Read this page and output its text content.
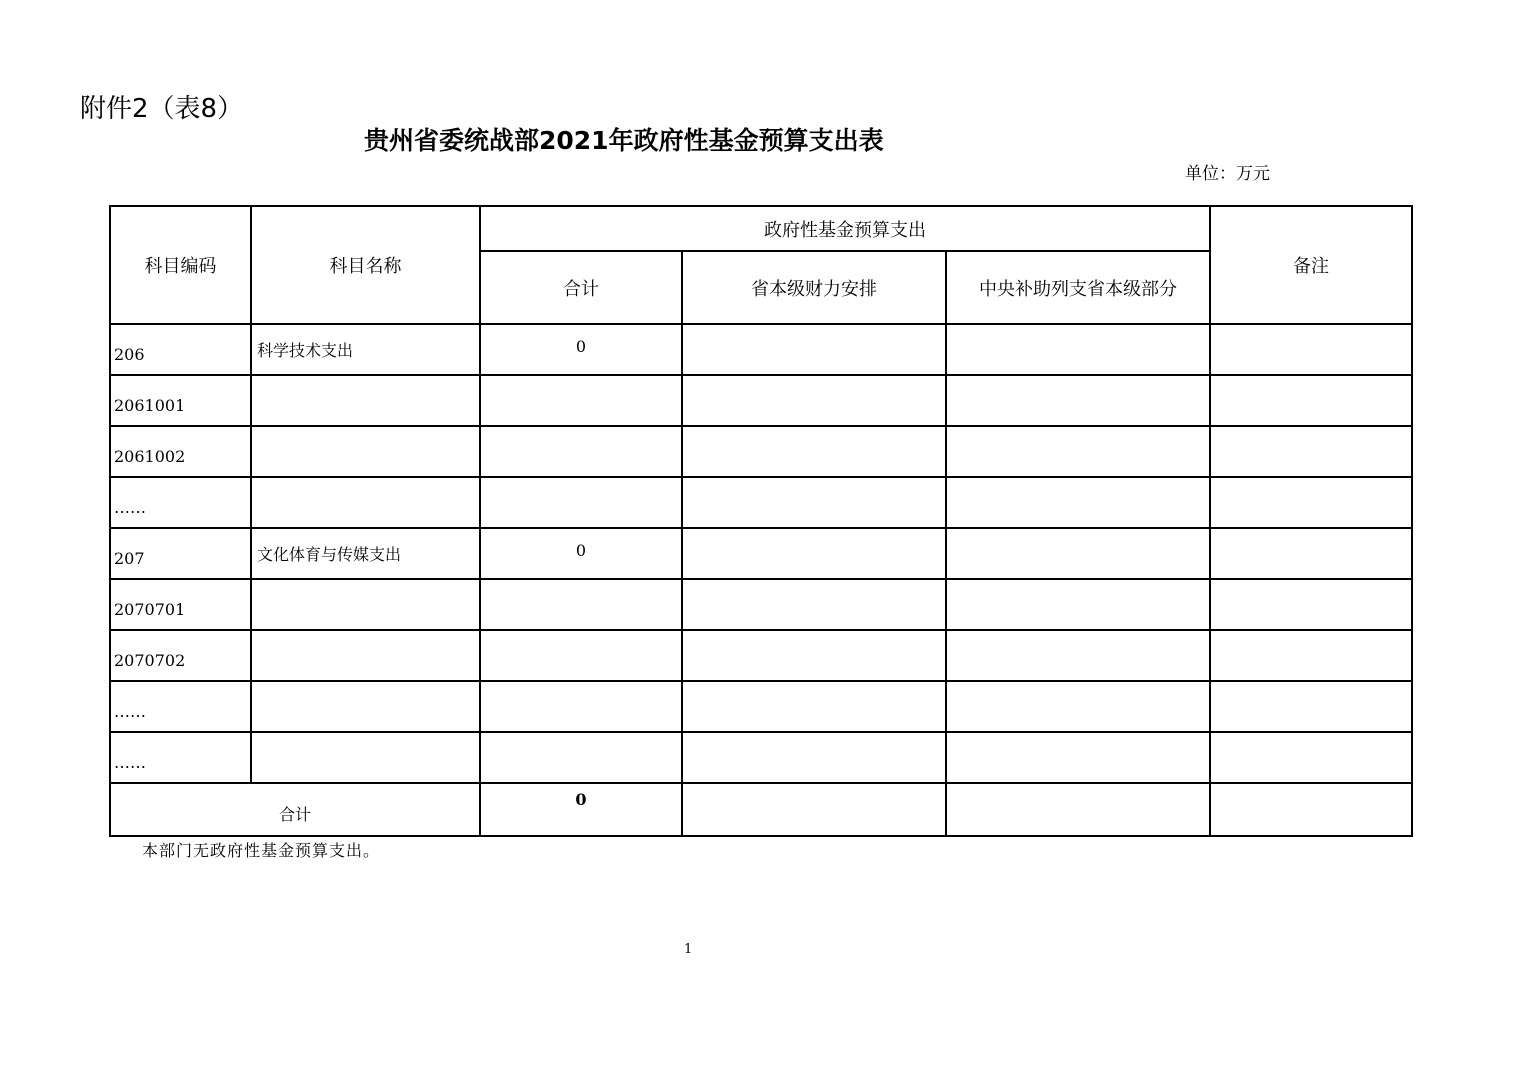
附件2（表8）
贵州省委统战部2021年政府性基金预算支出表
单位：万元
科目编码	科目名称	政府性基金预算支出			备注
		合计	省本级财力安排	中央补助列支省本级部分	
206	科学技术支出	0			
2061001					
2061002					
……					
207	文化体育与传媒支出	0			
2070701					
2070702					
……					
……					
合计		0			
本部门无政府性基金预算支出。
1
